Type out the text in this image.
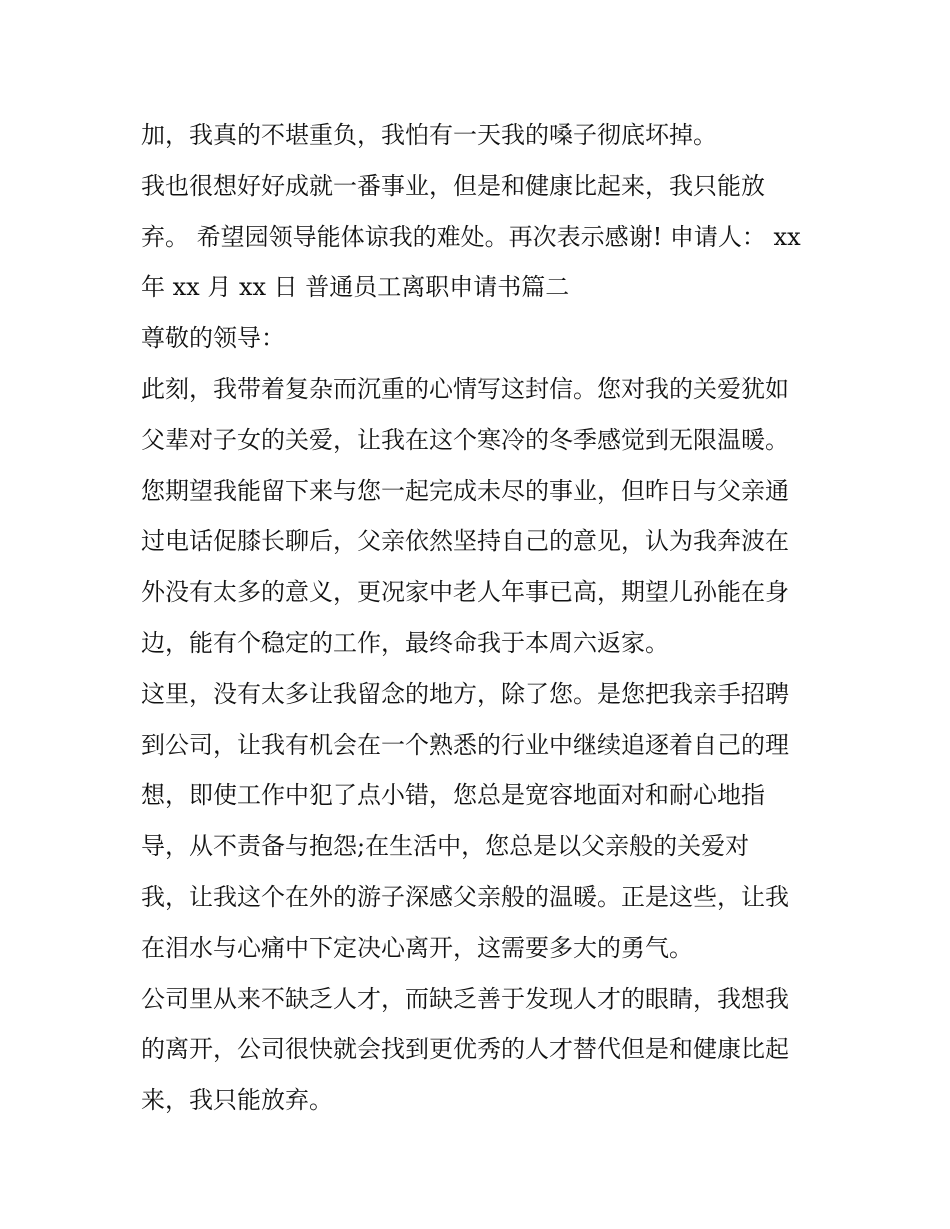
加，我真的不堪重负，我怕有一天我的嗓子彻底坏掉。
我也很想好好成就一番事业，但是和健康比起来，我只能放
弃。 希望园领导能体谅我的难处。再次表示感谢! 申请人： xx
年 xx 月 xx 日 普通员工离职申请书篇二
尊敬的领导：
此刻，我带着复杂而沉重的心情写这封信。您对我的关爱犹如
父辈对子女的关爱，让我在这个寒冷的冬季感觉到无限温暖。
您期望我能留下来与您一起完成未尽的事业，但昨日与父亲通
过电话促膝长聊后，父亲依然坚持自己的意见，认为我奔波在
外没有太多的意义，更况家中老人年事已高，期望儿孙能在身
边，能有个稳定的工作，最终命我于本周六返家。
这里，没有太多让我留念的地方，除了您。是您把我亲手招聘
到公司，让我有机会在一个熟悉的行业中继续追逐着自己的理
想，即使工作中犯了点小错，您总是宽容地面对和耐心地指
导，从不责备与抱怨;在生活中，您总是以父亲般的关爱对
我，让我这个在外的游子深感父亲般的温暖。正是这些，让我
在泪水与心痛中下定决心离开，这需要多大的勇气。
公司里从来不缺乏人才，而缺乏善于发现人才的眼睛，我想我
的离开，公司很快就会找到更优秀的人才替代但是和健康比起
来，我只能放弃。
